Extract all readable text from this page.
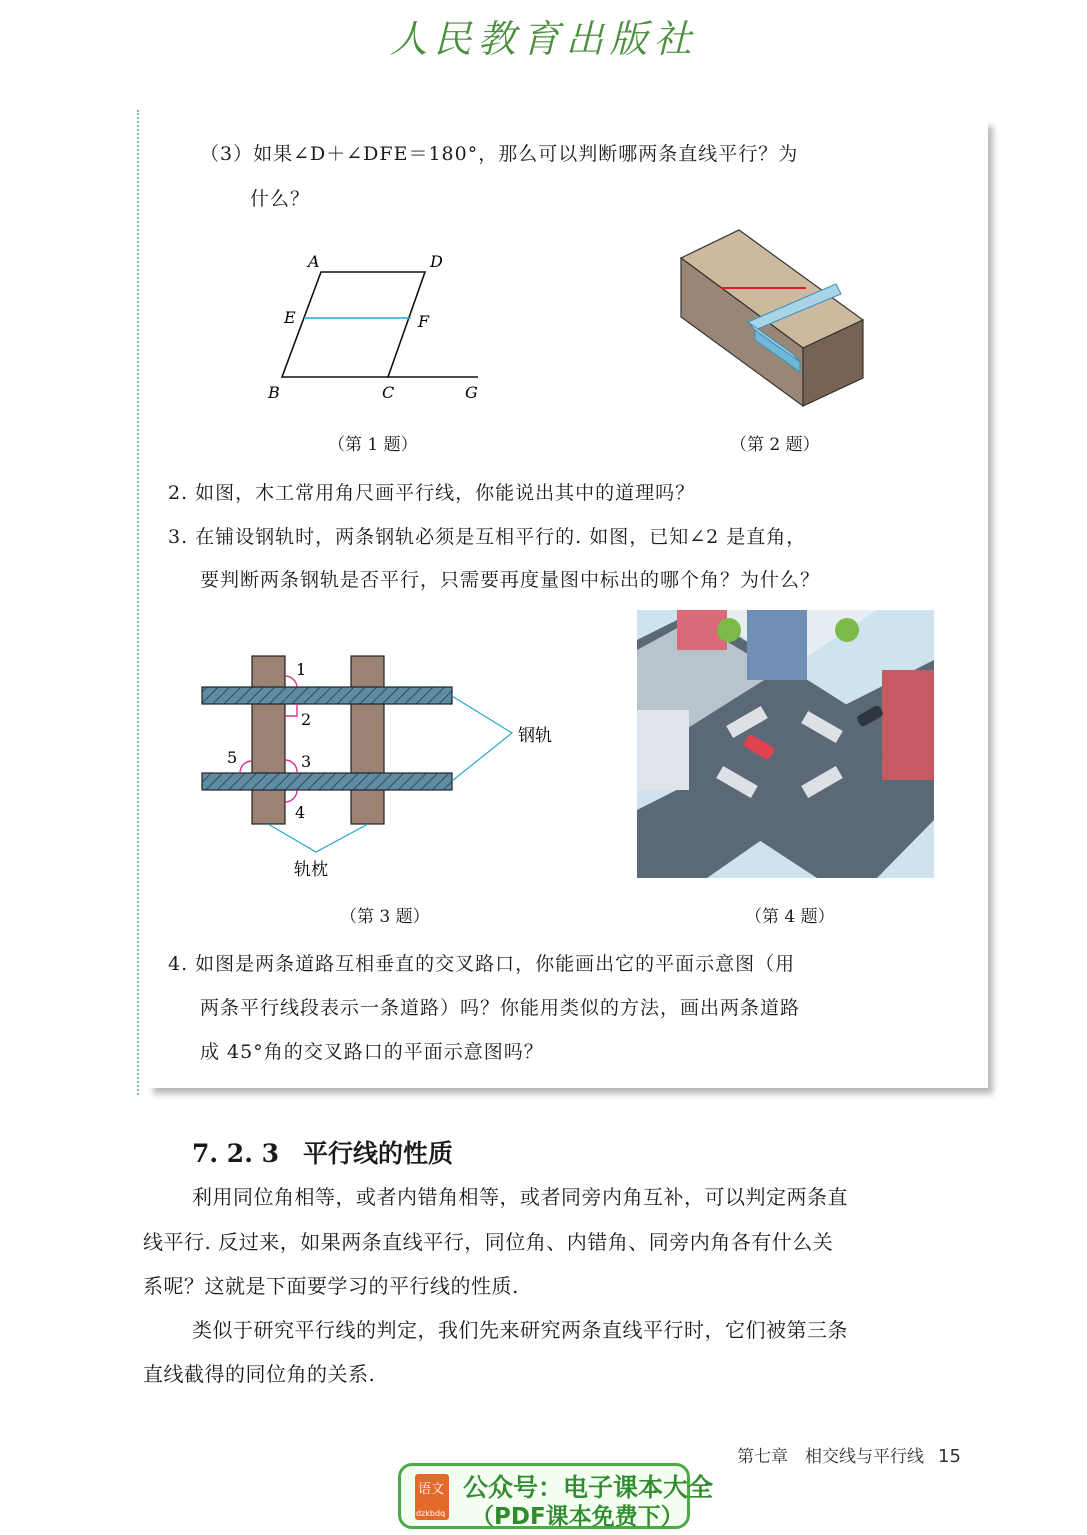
人民教育出版社
（3）如果∠D＋∠DFE＝180°，那么可以判断哪两条直线平行？为
什么？
A	D
E	F
B	C	G
（第 1 题）	（第 2 题）
2. 如图，木工常用角尺画平行线，你能说出其中的道理吗？
3. 在铺设钢轨时，两条钢轨必须是互相平行的. 如图，已知∠2 是直角，
要判断两条钢轨是否平行，只需要再度量图中标出的哪个角？为什么？
1
2
3
4
5
钢轨
轨枕
（第 3 题）	（第 4 题）
4. 如图是两条道路互相垂直的交叉路口，你能画出它的平面示意图（用
两条平行线段表示一条道路）吗？你能用类似的方法，画出两条道路
成 45°角的交叉路口的平面示意图吗？
7. 2. 3 平行线的性质
利用同位角相等，或者内错角相等，或者同旁内角互补，可以判定两条直
线平行. 反过来，如果两条直线平行，同位角、内错角、同旁内角各有什么关
系呢？这就是下面要学习的平行线的性质.
类似于研究平行线的判定，我们先来研究两条直线平行时，它们被第三条
直线截得的同位角的关系.
第七章　相交线与平行线 15
语文
dzkbdq
公众号：电子课本大全
（PDF课本免费下）
